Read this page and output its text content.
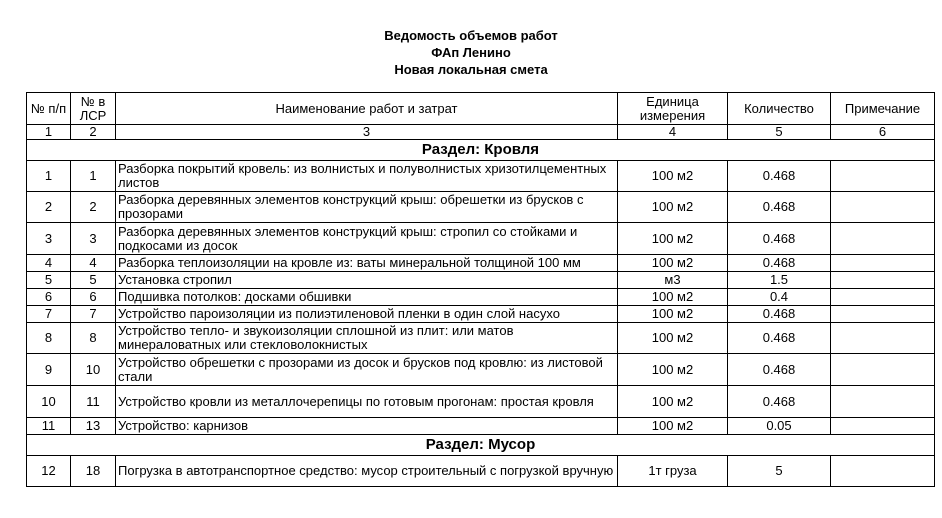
Ведомость объемов работ
ФАп Ленино
Новая локальная смета
№ п/п	№ в ЛСР	Наименование работ и затрат	Единица измерения	Количество	Примечание
1	2	3	4	5	6
Раздел: Кровля					
1	1	Разборка покрытий кровель: из волнистых и полуволнистых хризотилцементных листов	100 м2	0.468	
2	2	Разборка деревянных элементов конструкций крыш: обрешетки из брусков с прозорами	100 м2	0.468	
3	3	Разборка деревянных элементов конструкций крыш: стропил со стойками и подкосами из досок	100 м2	0.468	
4	4	Разборка теплоизоляции на кровле из: ваты минеральной толщиной 100 мм	100 м2	0.468	
5	5	Установка стропил	м3	1.5	
6	6	Подшивка потолков: досками обшивки	100 м2	0.4	
7	7	Устройство пароизоляции из полиэтиленовой пленки в один слой насухо	100 м2	0.468	
8	8	Устройство тепло- и звукоизоляции сплошной из плит: или матов минераловатных или стекловолокнистых	100 м2	0.468	
9	10	Устройство обрешетки с прозорами из досок и брусков под кровлю: из листовой стали	100 м2	0.468	
10	11	Устройство кровли из металлочерепицы по готовым прогонам: простая кровля	100 м2	0.468	
11	13	Устройство: карнизов	100 м2	0.05	
Раздел: Мусор					
12	18	Погрузка в автотранспортное средство: мусор строительный с погрузкой вручную	1т груза	5	
